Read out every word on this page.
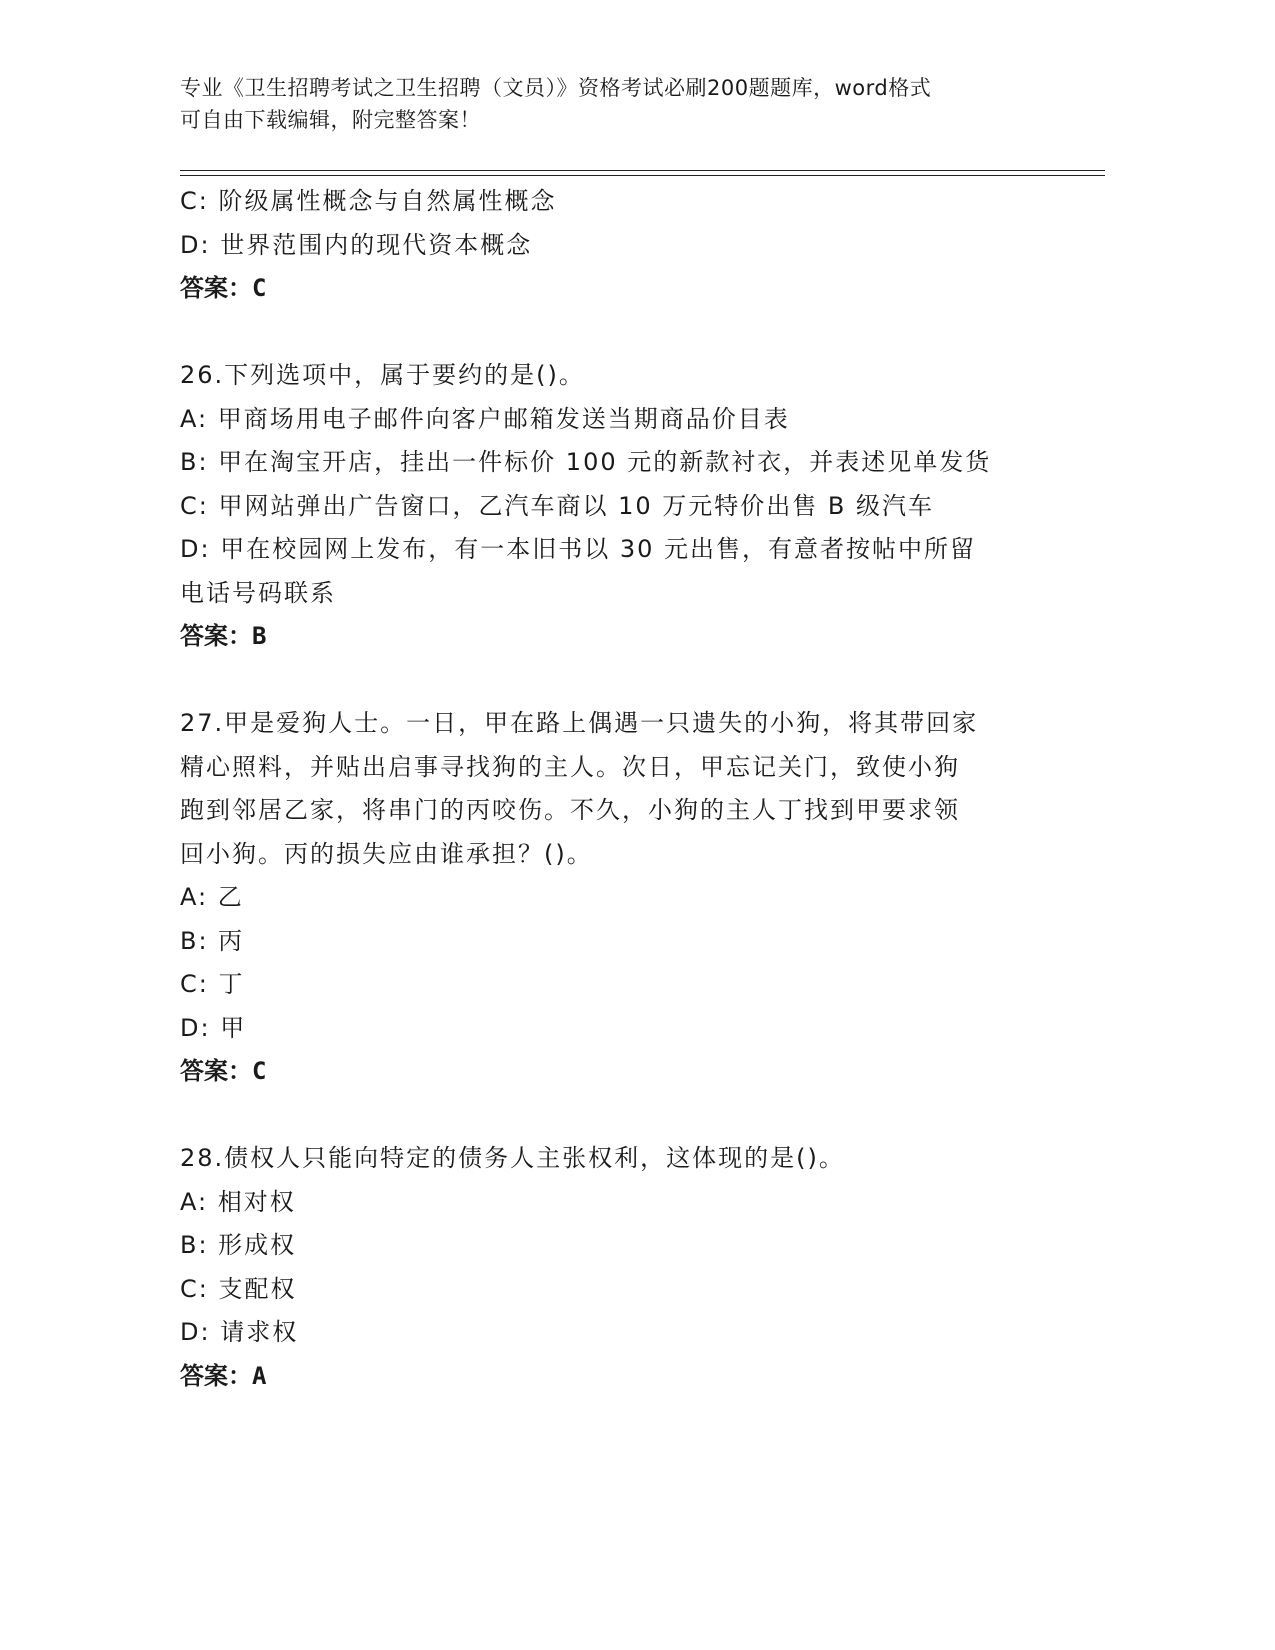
专业《卫生招聘考试之卫生招聘（文员）》资格考试必刷200题题库，word格式
可自由下载编辑，附完整答案！
C: 阶级属性概念与自然属性概念
D: 世界范围内的现代资本概念
答案：C
26.下列选项中，属于要约的是()。
A: 甲商场用电子邮件向客户邮箱发送当期商品价目表
B: 甲在淘宝开店，挂出一件标价 100 元的新款衬衣，并表述见单发货
C: 甲网站弹出广告窗口，乙汽车商以 10 万元特价出售 B 级汽车
D: 甲在校园网上发布，有一本旧书以 30 元出售，有意者按帖中所留
电话号码联系
答案：B
27.甲是爱狗人士。一日，甲在路上偶遇一只遗失的小狗，将其带回家
精心照料，并贴出启事寻找狗的主人。次日，甲忘记关门，致使小狗
跑到邻居乙家，将串门的丙咬伤。不久，小狗的主人丁找到甲要求领
回小狗。丙的损失应由谁承担？()。
A: 乙
B: 丙
C: 丁
D: 甲
答案：C
28.债权人只能向特定的债务人主张权利，这体现的是()。
A: 相对权
B: 形成权
C: 支配权
D: 请求权
答案：A
